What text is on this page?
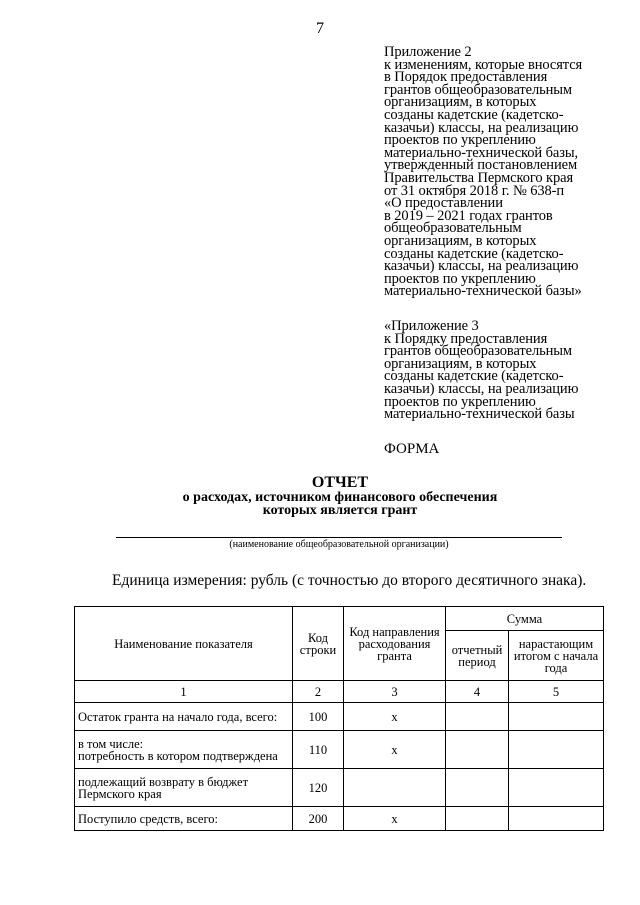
7
Приложение 2
к изменениям, которые вносятся
в Порядок предоставления
грантов общеобразовательным
организациям, в которых
созданы кадетские (кадетско-
казачьи) классы, на реализацию
проектов по укреплению
материально-технической базы,
утвержденный постановлением
Правительства Пермского края
от 31 октября 2018 г. № 638-п
«О предоставлении
в 2019 – 2021 годах грантов
общеобразовательным
организациям, в которых
созданы кадетские (кадетско-
казачьи) классы, на реализацию
проектов по укреплению
материально-технической базы»
«Приложение 3
к Порядку предоставления
грантов общеобразовательным
организациям, в которых
созданы кадетские (кадетско-
казачьи) классы, на реализацию
проектов по укреплению
материально-технической базы
ФОРМА
ОТЧЕТ
о расходах, источником финансового обеспечения
которых является грант
(наименование общеобразовательной организации)
Единица измерения: рубль (с точностью до второго десятичного знака).
Наименование показателя	Код строки	Код направления расходования гранта	Сумма	
			отчетный период	нарастающим итогом с начала года
1	2	3	4	5
Остаток гранта на начало года, всего:	100	x		

в том числе:
потребность в котором подтверждена	110	x		
подлежащий возврату в бюджет Пермского края	120			
Поступило средств, всего:	200	x		
